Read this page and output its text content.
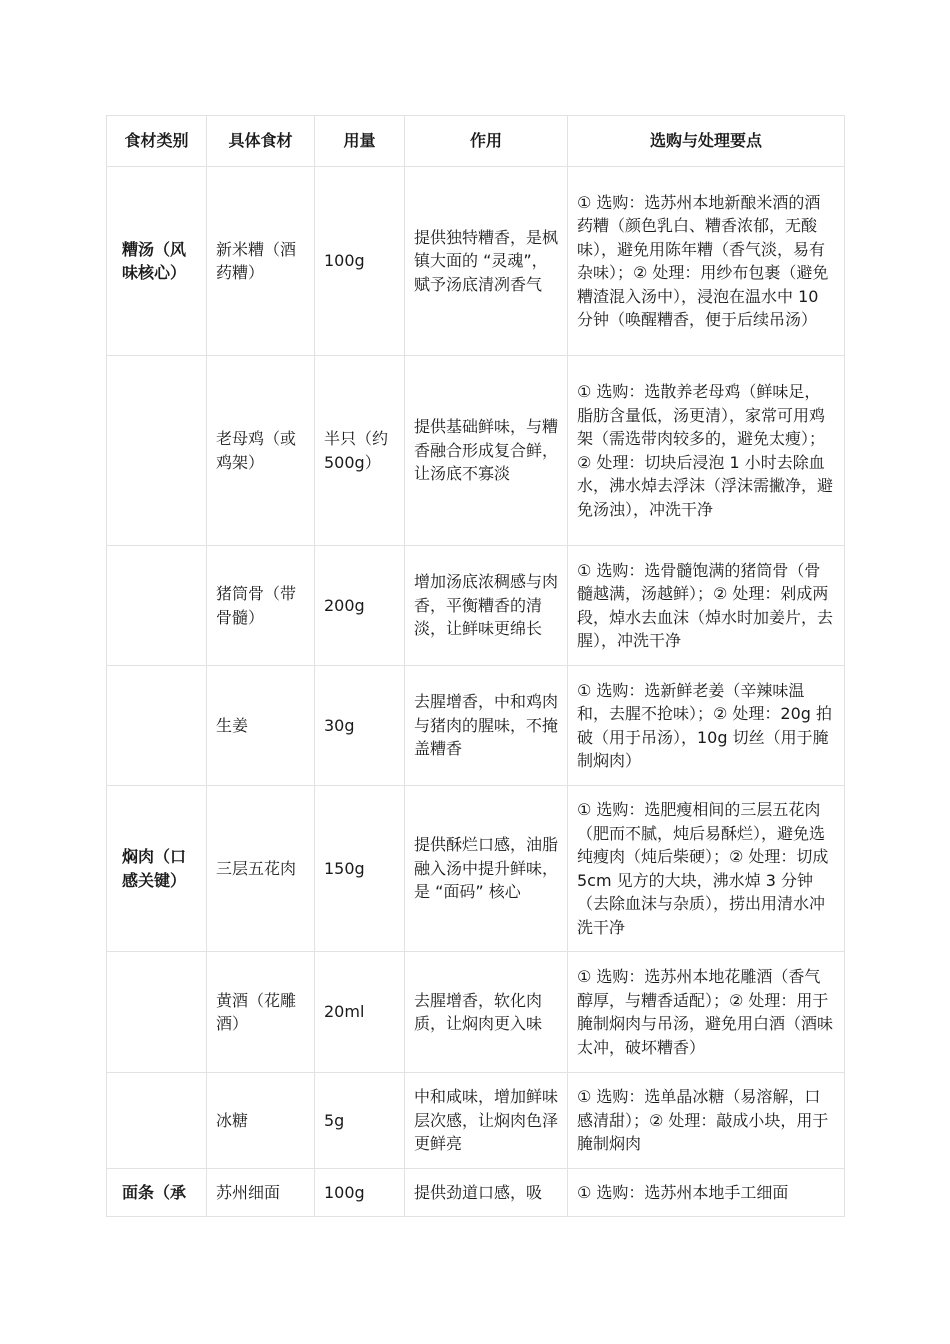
食材类别	具体食材	用量	作用	选购与处理要点
糟汤（风味核心）	新米糟（酒药糟）	100g	提供独特糟香，是枫镇大面的 “灵魂”，赋予汤底清冽香气	① 选购：选苏州本地新酿米酒的酒药糟（颜色乳白、糟香浓郁，无酸味），避免用陈年糟（香气淡，易有杂味）；② 处理：用纱布包裹（避免糟渣混入汤中），浸泡在温水中 10 分钟（唤醒糟香，便于后续吊汤）
	老母鸡（或鸡架）	半只（约500g）	提供基础鲜味，与糟香融合形成复合鲜，让汤底不寡淡	① 选购：选散养老母鸡（鲜味足，脂肪含量低，汤更清），家常可用鸡架（需选带肉较多的，避免太瘦）；② 处理：切块后浸泡 1 小时去除血水，沸水焯去浮沫（浮沫需撇净，避免汤浊），冲洗干净
	猪筒骨（带骨髓）	200g	增加汤底浓稠感与肉香，平衡糟香的清淡，让鲜味更绵长	① 选购：选骨髓饱满的猪筒骨（骨髓越满，汤越鲜）；② 处理：剁成两段，焯水去血沫（焯水时加姜片，去腥），冲洗干净
	生姜	30g	去腥增香，中和鸡肉与猪肉的腥味，不掩盖糟香	① 选购：选新鲜老姜（辛辣味温和，去腥不抢味）；② 处理：20g 拍破（用于吊汤），10g 切丝（用于腌制焖肉）
焖肉（口感关键）	三层五花肉	150g	提供酥烂口感，油脂融入汤中提升鲜味，是 “面码” 核心	① 选购：选肥瘦相间的三层五花肉（肥而不腻，炖后易酥烂），避免选纯瘦肉（炖后柴硬）；② 处理：切成 5cm 见方的大块，沸水焯 3 分钟（去除血沫与杂质），捞出用清水冲洗干净
	黄酒（花雕酒）	20ml	去腥增香，软化肉质，让焖肉更入味	① 选购：选苏州本地花雕酒（香气醇厚，与糟香适配）；② 处理：用于腌制焖肉与吊汤，避免用白酒（酒味太冲，破坏糟香）
	冰糖	5g	中和咸味，增加鲜味层次感，让焖肉色泽更鲜亮	① 选购：选单晶冰糖（易溶解，口感清甜）；② 处理：敲成小块，用于腌制焖肉
面条（承	苏州细面	100g	提供劲道口感，吸	① 选购：选苏州本地手工细面
